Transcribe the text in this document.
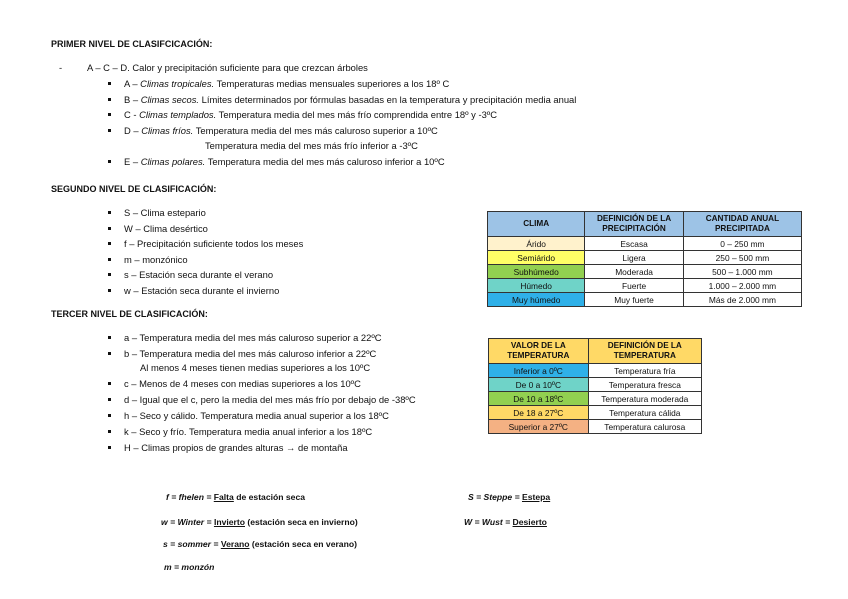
PRIMER NIVEL DE CLASIFCICACIÓN:
-	A – C – D. Calor y precipitación suficiente para que crezcan árboles
A – Climas tropicales. Temperaturas medias mensuales superiores a los 18º C
B – Climas secos. Límites determinados por fórmulas basadas en la temperatura y precipitación media anual
C - Climas templados. Temperatura media del mes más frío comprendida entre 18º y -3ºC
D – Climas fríos. Temperatura media del mes más caluroso superior a 10ºC
E – Climas polares. Temperatura media del mes más caluroso inferior a 10ºC
Temperatura media del mes más frío inferior a -3ºC
SEGUNDO NIVEL DE CLASIFICACIÓN:
S – Clima estepario
W – Clima desértico
f – Precipitación suficiente todos los meses
m – monzónico
s – Estación seca durante el verano
w – Estación seca durante el invierno
TERCER NIVEL DE CLASIFICACIÓN:
a – Temperatura media del mes más caluroso superior a 22ºC
b – Temperatura media del mes más caluroso inferior a 22ºC
c – Menos de 4 meses con medias superiores a los 10ºC
d – Igual que el c, pero la media del mes más frío por debajo de -38ºC
h – Seco y cálido. Temperatura media anual superior a los 18ºC
k – Seco y frío. Temperatura media anual inferior a los 18ºC
H – Climas propios de grandes alturas → de montaña
Al menos 4 meses tienen medias superiores a los 10ºC
CLIMA	DEFINICIÓN DE LA PRECIPITACIÓN	CANTIDAD ANUAL PRECIPITADA
Árido	Escasa	0 – 250 mm
Semiárido	Ligera	250 – 500 mm
Subhúmedo	Moderada	500 – 1.000 mm
Húmedo	Fuerte	1.000 – 2.000 mm
Muy húmedo	Muy fuerte	Más de 2.000 mm
VALOR DE LA TEMPERATURA	DEFINICIÓN DE LA TEMPERATURA
Inferior a 0ºC	Temperatura fría
De 0 a 10ºC	Temperatura fresca
De 10 a 18ºC	Temperatura moderada
De 18 a 27ºC	Temperatura cálida
Superior a 27ºC	Temperatura calurosa
f = fhelen = Falta de estación seca
w = Winter = Invierto (estación seca en invierno)
s = sommer = Verano (estación seca en verano)
m = monzón
S = Steppe = Estepa
W = Wust = Desierto
